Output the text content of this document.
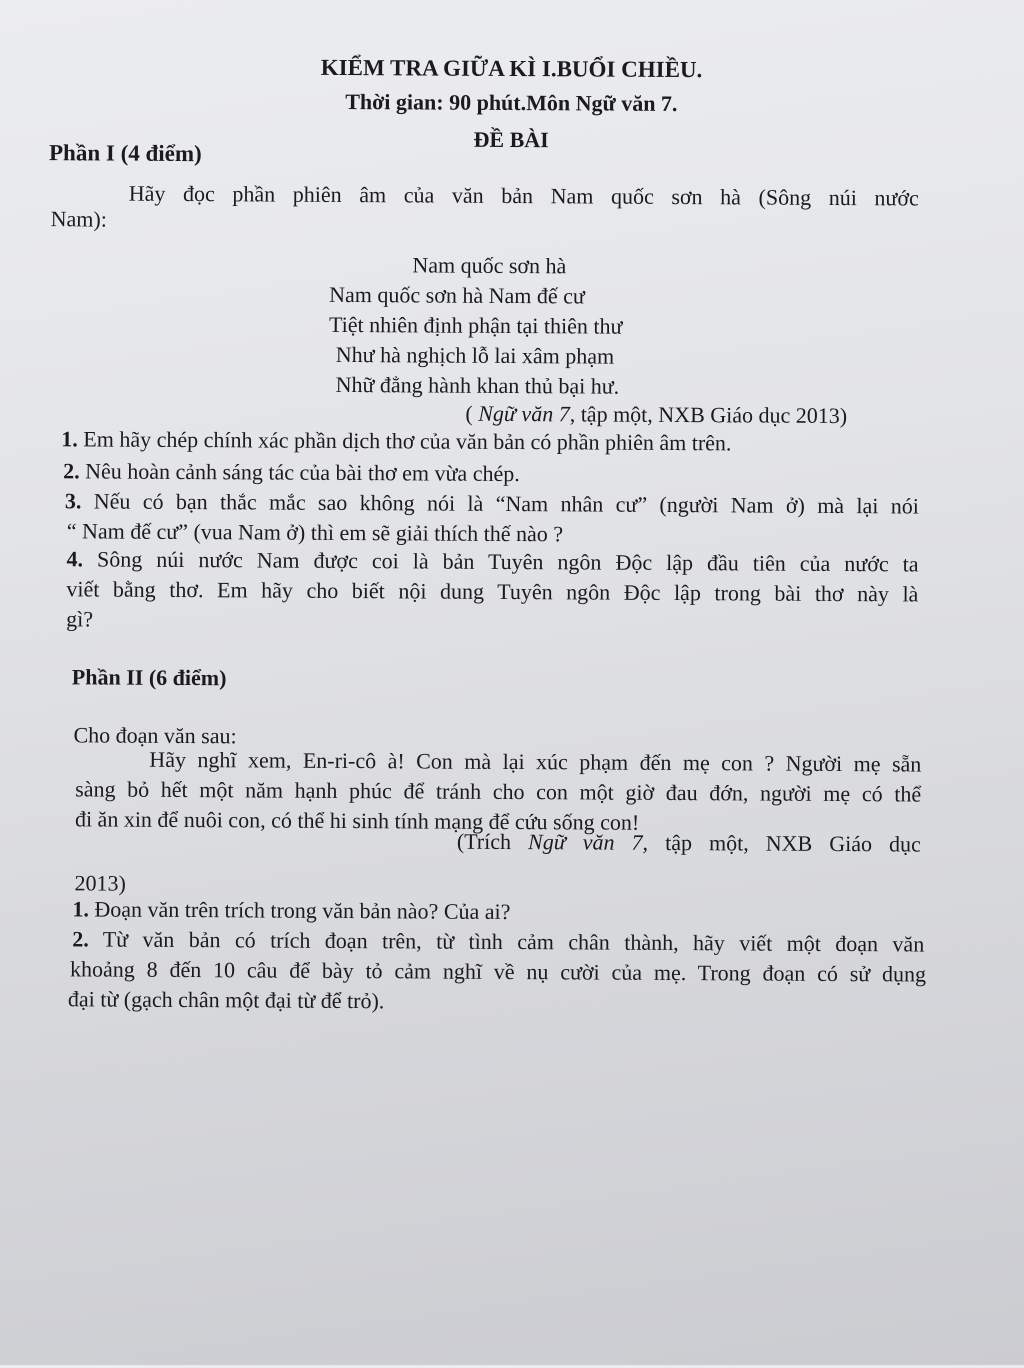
KIỂM TRA GIỮA KÌ I.BUỔI CHIỀU.
Thời gian: 90 phút.Môn Ngữ văn 7.
ĐỀ BÀI
Phần I (4 điểm)
Hãy đọc phần phiên âm của văn bản Nam quốc sơn hà (Sông núi nước
Nam):
Nam quốc sơn hà
Nam quốc sơn hà Nam đế cư
Tiệt nhiên định phận tại thiên thư
Như hà nghịch lỗ lai xâm phạm
Nhữ đẳng hành khan thủ bại hư.
( Ngữ văn 7, tập một, NXB Giáo dục 2013)
1. Em hãy chép chính xác phần dịch thơ của văn bản có phần phiên âm trên.
2. Nêu hoàn cảnh sáng tác của bài thơ em vừa chép.
3. Nếu có bạn thắc mắc sao không nói là “Nam nhân cư” (người Nam ở) mà lại nói
“ Nam đế cư” (vua Nam ở) thì em sẽ giải thích thế nào ?
4. Sông núi nước Nam được coi là bản Tuyên ngôn Độc lập đầu tiên của nước ta
viết bằng thơ. Em hãy cho biết nội dung Tuyên ngôn Độc lập trong bài thơ này là
gì?
Phần II (6 điểm)
Cho đoạn văn sau:
Hãy nghĩ xem, En-ri-cô à! Con mà lại xúc phạm đến mẹ con ? Người mẹ sẵn
sàng bỏ hết một năm hạnh phúc để tránh cho con một giờ đau đớn, người mẹ có thể
đi ăn xin để nuôi con, có thể hi sinh tính mạng để cứu sống con!
(Trích Ngữ văn 7, tập một, NXB Giáo dục
2013)
1. Đoạn văn trên trích trong văn bản nào? Của ai?
2. Từ văn bản có trích đoạn trên, từ tình cảm chân thành, hãy viết một đoạn văn
khoảng 8 đến 10 câu để bày tỏ cảm nghĩ về nụ cười của mẹ. Trong đoạn có sử dụng
đại từ (gạch chân một đại từ để trỏ).
